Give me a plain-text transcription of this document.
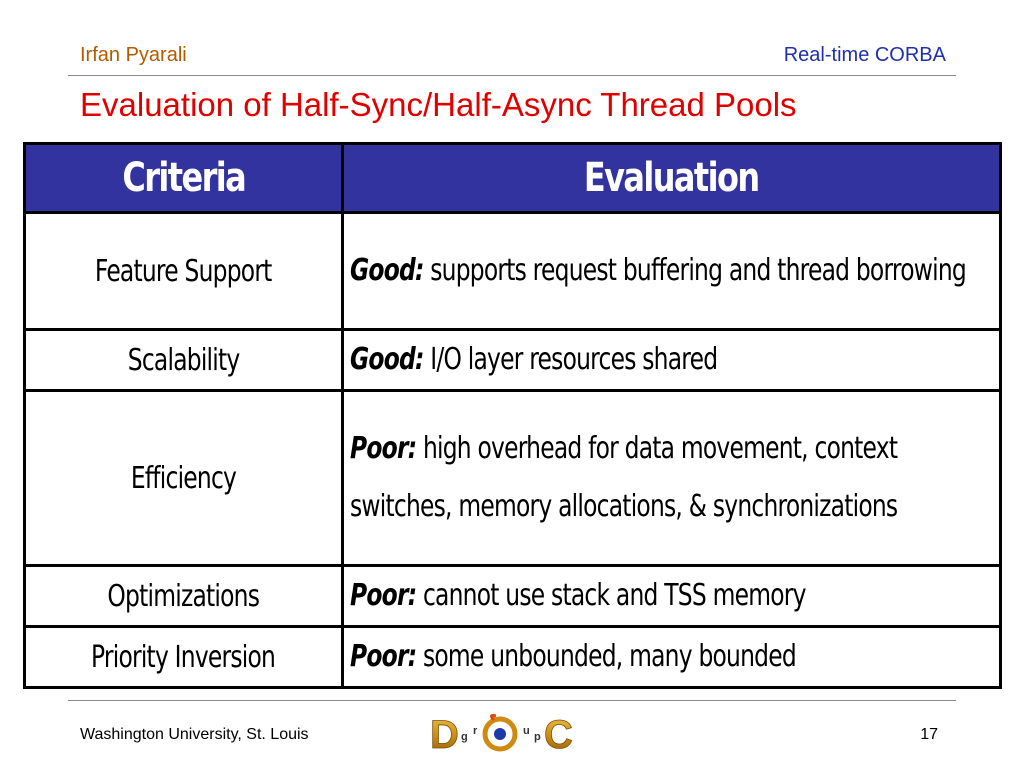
Irfan Pyarali	Real-time CORBA
Evaluation of Half-Sync/Half-Async Thread Pools
Criteria	Evaluation
Feature Support	Good: supports request buffering and thread borrowing

Scalability	Good: I/O layer resources shared

Efficiency	Poor: high overhead for data movement, context switches, memory allocations, & synchronizations

Optimizations	Poor: cannot use stack and TSS memory

Priority Inversion	Poor: some unbounded, many bounded
Washington University, St. Louis	D g r	u p C	17
